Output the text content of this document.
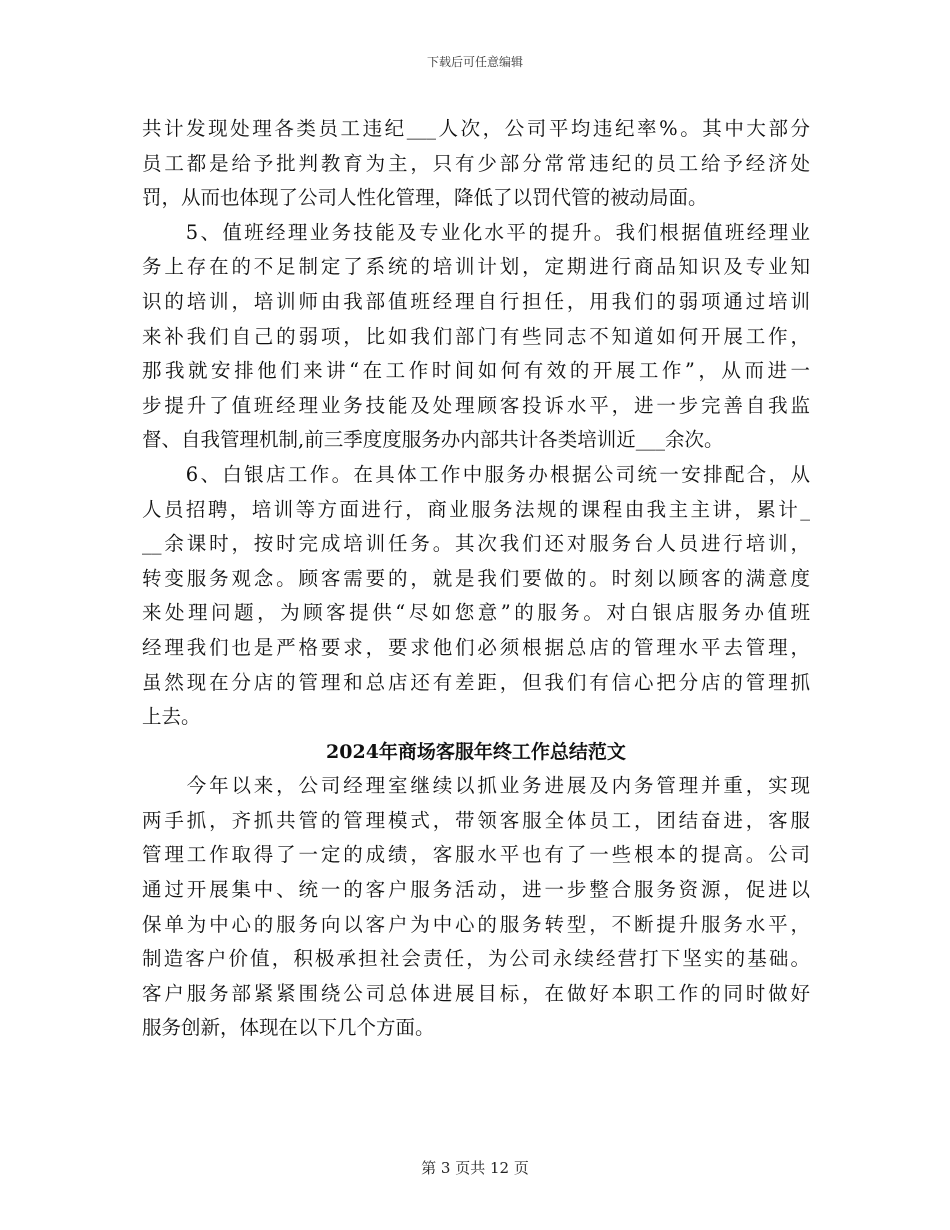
下载后可任意编辑
共计发现处理各类员工违纪___人次，公司平均违纪率%。其中大部分
员工都是给予批判教育为主，只有少部分常常违纪的员工给予经济处
罚，从而也体现了公司人性化管理，降低了以罚代管的被动局面。
　　5、值班经理业务技能及专业化水平的提升。我们根据值班经理业
务上存在的不足制定了系统的培训计划，定期进行商品知识及专业知
识的培训，培训师由我部值班经理自行担任，用我们的弱项通过培训
来补我们自己的弱项，比如我们部门有些同志不知道如何开展工作，
那我就安排他们来讲“在工作时间如何有效的开展工作”，从而进一
步提升了值班经理业务技能及处理顾客投诉水平，进一步完善自我监
督、自我管理机制,前三季度度服务办内部共计各类培训近___余次。
　　6、白银店工作。在具体工作中服务办根据公司统一安排配合，从
人员招聘，培训等方面进行，商业服务法规的课程由我主主讲，累计_
__余课时，按时完成培训任务。其次我们还对服务台人员进行培训，
转变服务观念。顾客需要的，就是我们要做的。时刻以顾客的满意度
来处理问题，为顾客提供“尽如您意”的服务。对白银店服务办值班
经理我们也是严格要求，要求他们必须根据总店的管理水平去管理，
虽然现在分店的管理和总店还有差距，但我们有信心把分店的管理抓
上去。
2024年商场客服年终工作总结范文
　　今年以来，公司经理室继续以抓业务进展及内务管理并重，实现
两手抓，齐抓共管的管理模式，带领客服全体员工，团结奋进，客服
管理工作取得了一定的成绩，客服水平也有了一些根本的提高。公司
通过开展集中、统一的客户服务活动，进一步整合服务资源，促进以
保单为中心的服务向以客户为中心的服务转型，不断提升服务水平，
制造客户价值，积极承担社会责任，为公司永续经营打下坚实的基础。
客户服务部紧紧围绕公司总体进展目标，在做好本职工作的同时做好
服务创新，体现在以下几个方面。
第 3 页共 12 页
